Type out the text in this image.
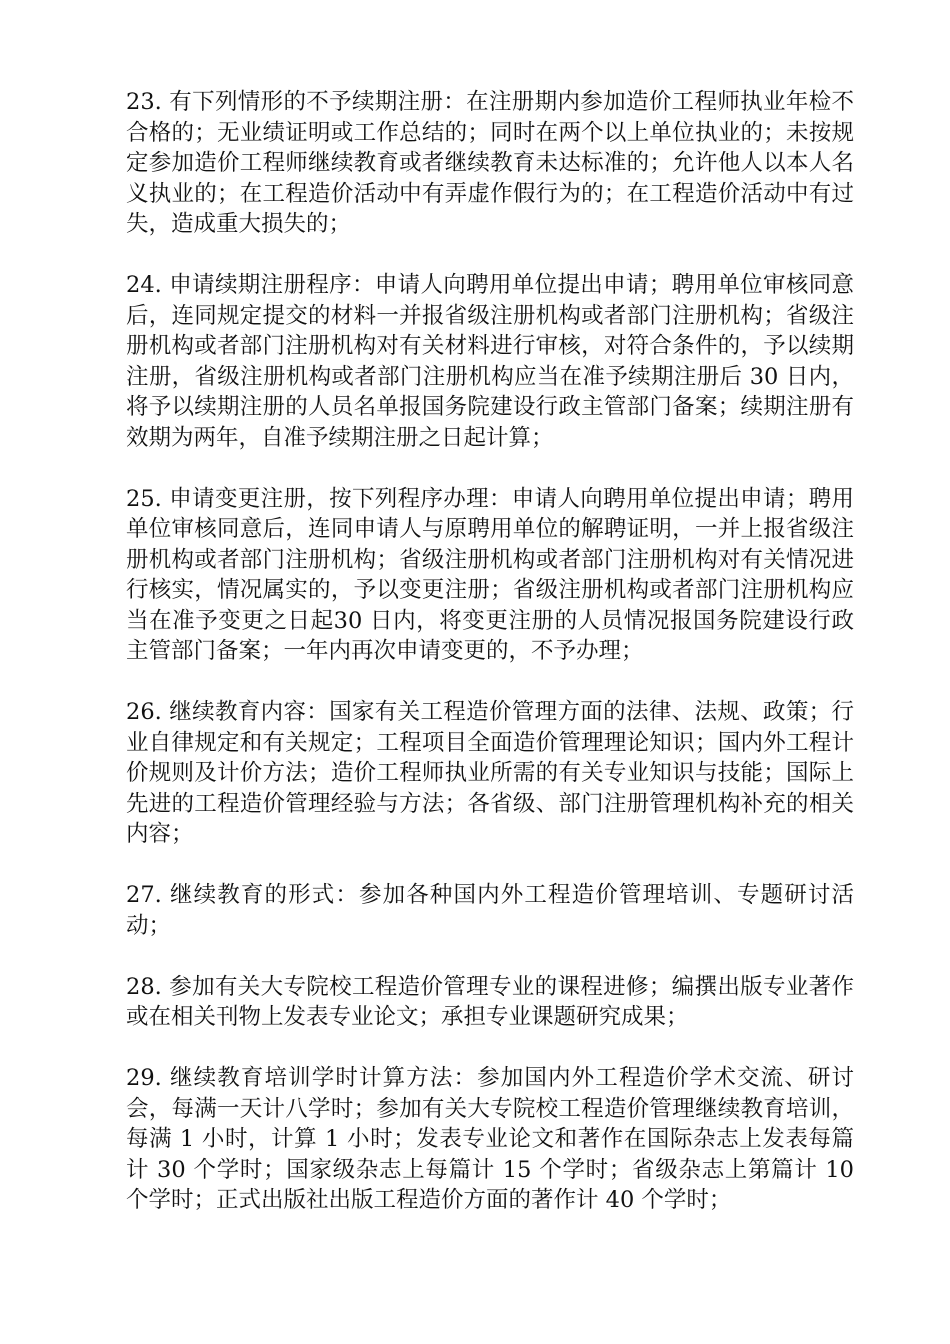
23. 有下列情形的不予续期注册：在注册期内参加造价工程师执业年检不合格的；无业绩证明或工作总结的；同时在两个以上单位执业的；未按规定参加造价工程师继续教育或者继续教育未达标准的；允许他人以本人名义执业的；在工程造价活动中有弄虚作假行为的；在工程造价活动中有过失，造成重大损失的；

24. 申请续期注册程序：申请人向聘用单位提出申请；聘用单位审核同意后，连同规定提交的材料一并报省级注册机构或者部门注册机构；省级注册机构或者部门注册机构对有关材料进行审核，对符合条件的，予以续期注册，省级注册机构或者部门注册机构应当在准予续期注册后 30 日内，将予以续期注册的人员名单报国务院建设行政主管部门备案；续期注册有效期为两年，自准予续期注册之日起计算；

25. 申请变更注册，按下列程序办理：申请人向聘用单位提出申请；聘用单位审核同意后，连同申请人与原聘用单位的解聘证明，一并上报省级注册机构或者部门注册机构；省级注册机构或者部门注册机构对有关情况进行核实，情况属实的，予以变更注册；省级注册机构或者部门注册机构应当在准予变更之日起30 日内，将变更注册的人员情况报国务院建设行政主管部门备案；一年内再次申请变更的，不予办理；

26. 继续教育内容：国家有关工程造价管理方面的法律、法规、政策；行业自律规定和有关规定；工程项目全面造价管理理论知识；国内外工程计价规则及计价方法；造价工程师执业所需的有关专业知识与技能；国际上先进的工程造价管理经验与方法；各省级、部门注册管理机构补充的相关内容；

27. 继续教育的形式：参加各种国内外工程造价管理培训、专题研讨活动；

28. 参加有关大专院校工程造价管理专业的课程进修；编撰出版专业著作或在相关刊物上发表专业论文；承担专业课题研究成果；

29. 继续教育培训学时计算方法：参加国内外工程造价学术交流、研讨会，每满一天计八学时；参加有关大专院校工程造价管理继续教育培训，每满 1 小时，计算 1 小时；发表专业论文和著作在国际杂志上发表每篇计 30 个学时；国家级杂志上每篇计 15 个学时；省级杂志上第篇计 10 个学时；正式出版社出版工程造价方面的著作计 40 个学时；
